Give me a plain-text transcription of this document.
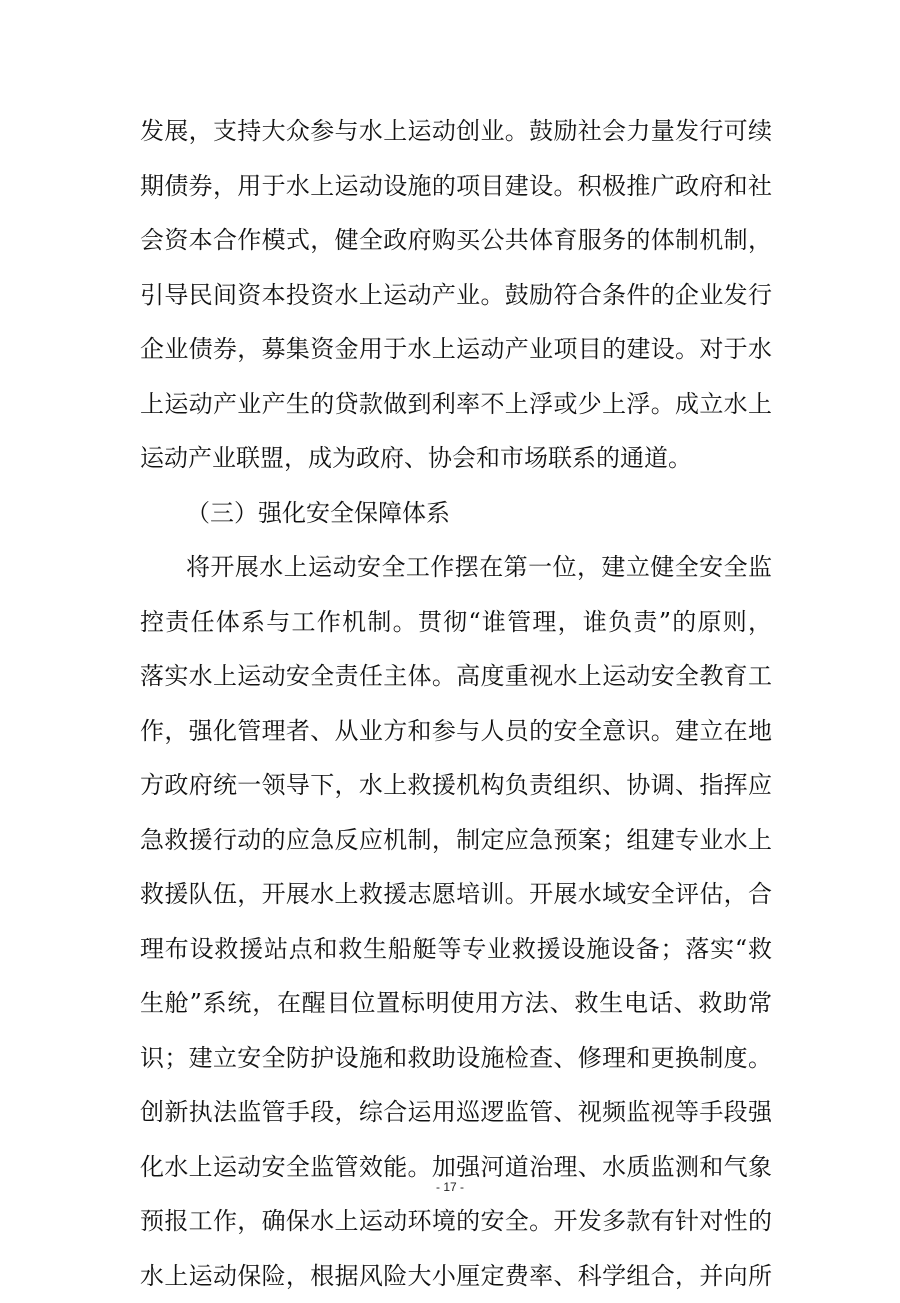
发展，支持大众参与水上运动创业。鼓励社会力量发行可续
期债券，用于水上运动设施的项目建设。积极推广政府和社
会资本合作模式，健全政府购买公共体育服务的体制机制，
引导民间资本投资水上运动产业。鼓励符合条件的企业发行
企业债券，募集资金用于水上运动产业项目的建设。对于水
上运动产业产生的贷款做到利率不上浮或少上浮。成立水上
运动产业联盟，成为政府、协会和市场联系的通道。
（三）强化安全保障体系
将开展水上运动安全工作摆在第一位，建立健全安全监
控责任体系与工作机制。贯彻“谁管理，谁负责”的原则，
落实水上运动安全责任主体。高度重视水上运动安全教育工
作，强化管理者、从业方和参与人员的安全意识。建立在地
方政府统一领导下，水上救援机构负责组织、协调、指挥应
急救援行动的应急反应机制，制定应急预案；组建专业水上
救援队伍，开展水上救援志愿培训。开展水域安全评估，合
理布设救援站点和救生船艇等专业救援设施设备；落实“救
生舱”系统，在醒目位置标明使用方法、救生电话、救助常
识；建立安全防护设施和救助设施检查、修理和更换制度。
创新执法监管手段，综合运用巡逻监管、视频监视等手段强
化水上运动安全监管效能。加强河道治理、水质监测和气象
预报工作，确保水上运动环境的安全。开发多款有针对性的
水上运动保险，根据风险大小厘定费率、科学组合，并向所
- 17 -
